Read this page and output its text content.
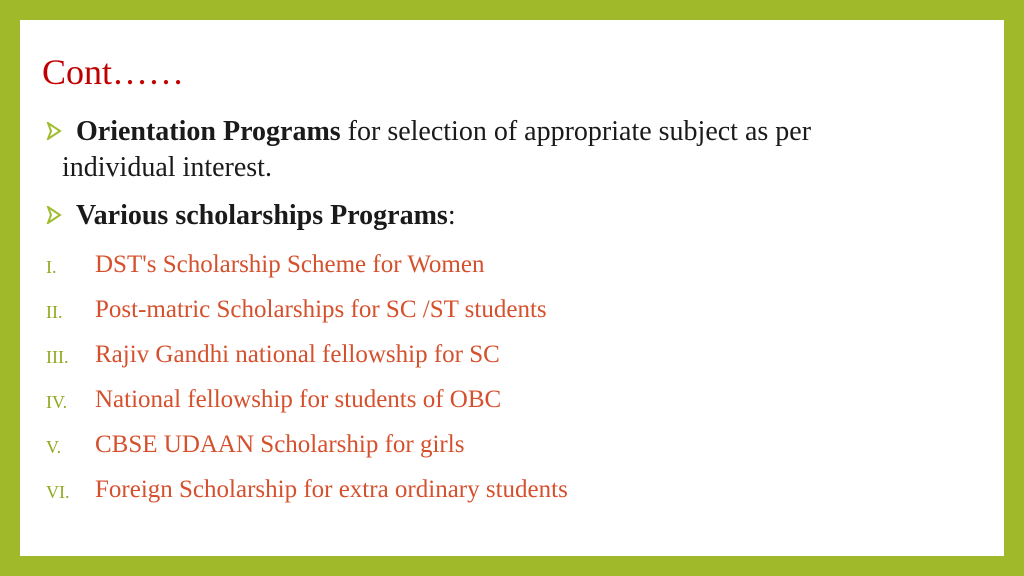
Cont……
Orientation Programs for selection of appropriate subject as per
individual interest.
Various scholarships Programs:
I.	DST's Scholarship Scheme for Women
II.	Post-matric Scholarships for SC /ST students
III.	Rajiv Gandhi national fellowship for SC
IV.	National fellowship for students of OBC
V.	CBSE UDAAN Scholarship for girls
VI.	Foreign Scholarship for extra ordinary students
